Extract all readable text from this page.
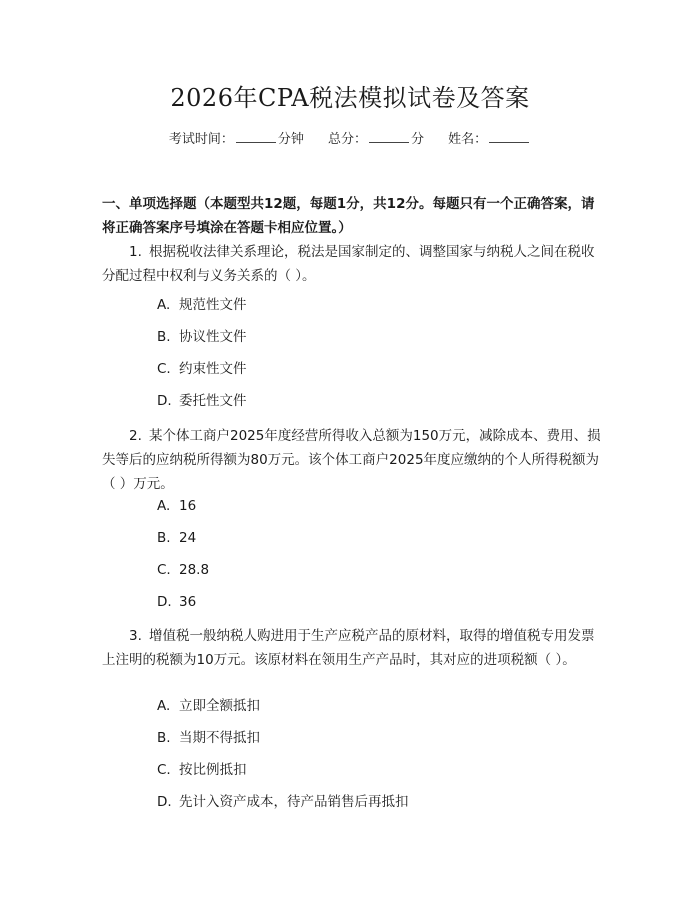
2026年CPA税法模拟试卷及答案
考试时间：	分钟 总分：	分 姓名：
一、单项选择题（本题型共12题，每题1分，共12分。每题只有一个正确答案，请将正确答案序号填涂在答题卡相应位置。）
1. 根据税收法律关系理论，税法是国家制定的、调整国家与纳税人之间在税收分配过程中权利与义务关系的（ ）。
A. 规范性文件
B. 协议性文件
C. 约束性文件
D. 委托性文件
2. 某个体工商户2025年度经营所得收入总额为150万元，减除成本、费用、损失等后的应纳税所得额为80万元。该个体工商户2025年度应缴纳的个人所得税额为（ ）万元。
A. 16
B. 24
C. 28.8
D. 36
3. 增值税一般纳税人购进用于生产应税产品的原材料，取得的增值税专用发票上注明的税额为10万元。该原材料在领用生产产品时，其对应的进项税额（ ）。
A. 立即全额抵扣
B. 当期不得抵扣
C. 按比例抵扣
D. 先计入资产成本，待产品销售后再抵扣
